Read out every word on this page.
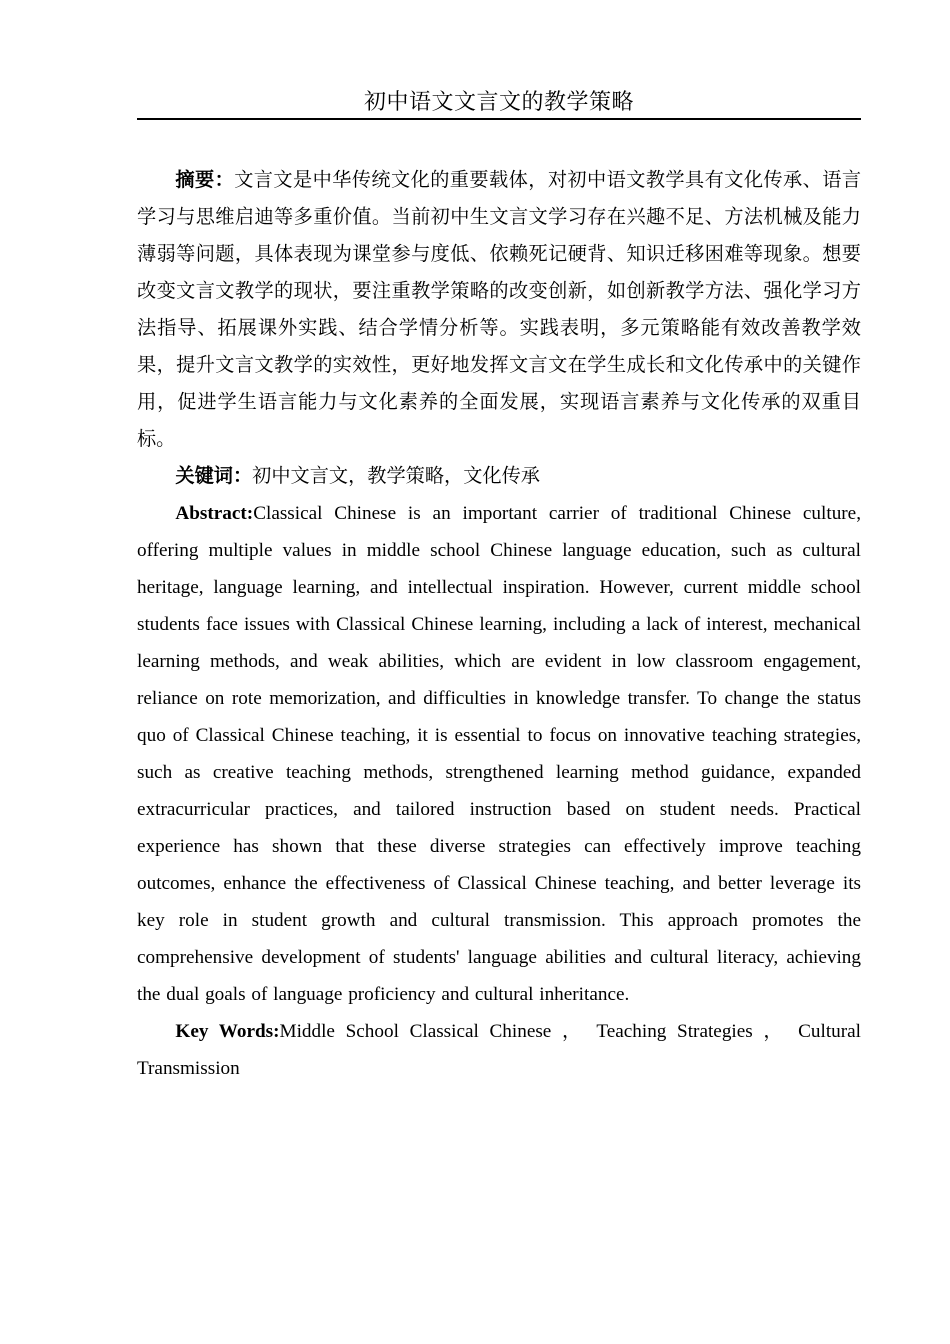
初中语文文言文的教学策略

摘要：文言文是中华传统文化的重要载体，对初中语文教学具有文化传承、语言学习与思维启迪等多重价值。当前初中生文言文学习存在兴趣不足、方法机械及能力薄弱等问题，具体表现为课堂参与度低、依赖死记硬背、知识迁移困难等现象。想要改变文言文教学的现状，要注重教学策略的改变创新，如创新教学方法、强化学习方法指导、拓展课外实践、结合学情分析等。实践表明，多元策略能有效改善教学效果，提升文言文教学的实效性，更好地发挥文言文在学生成长和文化传承中的关键作用，促进学生语言能力与文化素养的全面发展，实现语言素养与文化传承的双重目标。

关键词：初中文言文，教学策略，文化传承

Abstract:Classical Chinese is an important carrier of traditional Chinese culture, offering multiple values in middle school Chinese language education, such as cultural heritage, language learning, and intellectual inspiration. However, current middle school students face issues with Classical Chinese learning, including a lack of interest, mechanical learning methods, and weak abilities, which are evident in low classroom engagement, reliance on rote memorization, and difficulties in knowledge transfer. To change the status quo of Classical Chinese teaching, it is essential to focus on innovative teaching strategies, such as creative teaching methods, strengthened learning method guidance, expanded extracurricular practices, and tailored instruction based on student needs. Practical experience has shown that these diverse strategies can effectively improve teaching outcomes, enhance the effectiveness of Classical Chinese teaching, and better leverage its key role in student growth and cultural transmission. This approach promotes the comprehensive development of students' language abilities and cultural literacy, achieving the dual goals of language proficiency and cultural inheritance.

Key Words:Middle School Classical Chinese ， Teaching Strategies ， Cultural Transmission
